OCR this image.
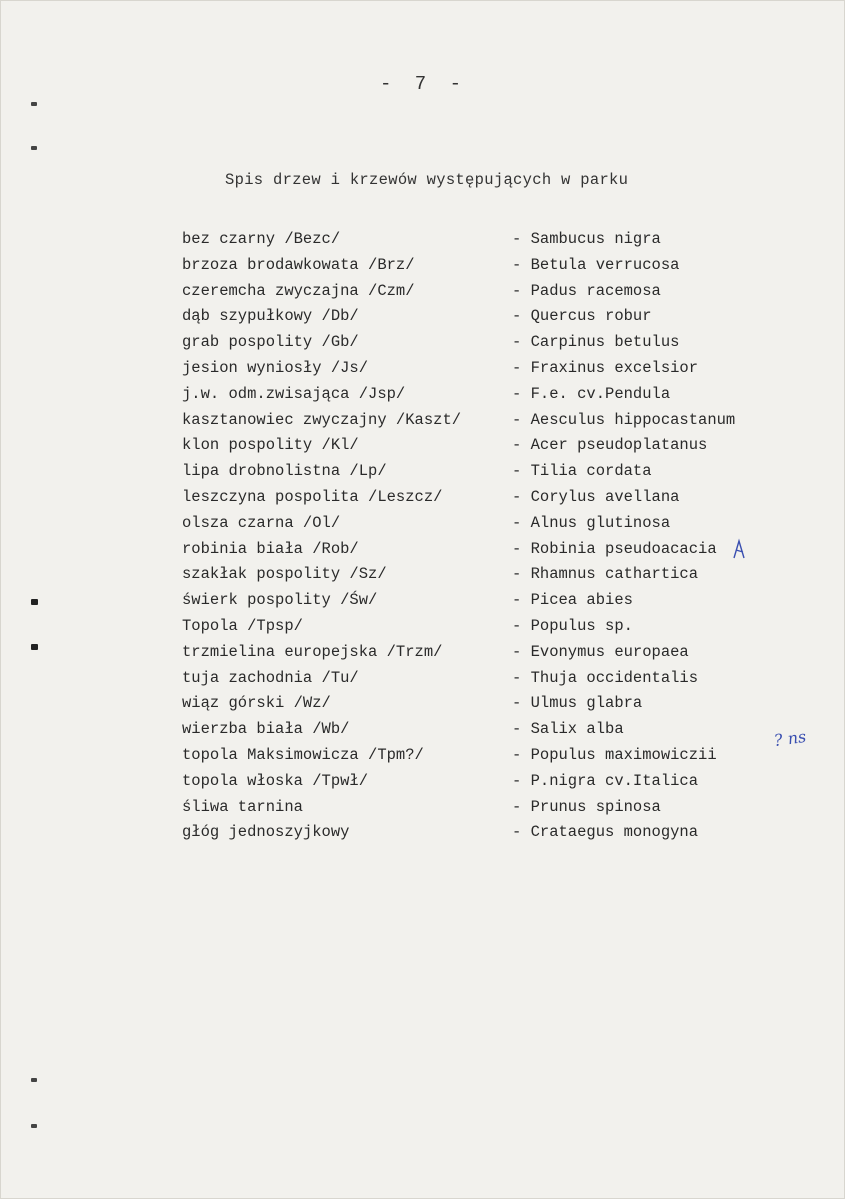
- 7 -
Spis drzew i krzewów występujących w parku
bez czarny /Bezc/	- Sambucus nigra
brzoza brodawkowata /Brz/	- Betula verrucosa
czeremcha zwyczajna /Czm/	- Padus racemosa
dąb szypułkowy /Db/	- Quercus robur
grab pospolity /Gb/	- Carpinus betulus
jesion wyniosły /Js/	- Fraxinus excelsior
j.w. odm.zwisająca /Jsp/	- F.e. cv.Pendula
kasztanowiec zwyczajny /Kaszt/	- Aesculus hippocastanum
klon pospolity /Kl/	- Acer pseudoplatanus
lipa drobnolistna /Lp/	- Tilia cordata
leszczyna pospolita /Leszcz/	- Corylus avellana
olsza czarna /Ol/	- Alnus glutinosa
robinia biała /Rob/	- Robinia pseudoacacia
szakłak pospolity /Sz/	- Rhamnus cathartica
świerk pospolity /Św/	- Picea abies
Topola /Tpsp/	- Populus sp.
trzmielina europejska /Trzm/	- Evonymus europaea
tuja zachodnia /Tu/	- Thuja occidentalis
wiąz górski /Wz/	- Ulmus glabra
wierzba biała /Wb/	- Salix alba
topola Maksimowicza /Tpm?/	- Populus maximowiczii
topola włoska /Tpwł/	- P.nigra cv.Italica
śliwa tarnina	- Prunus spinosa
głóg jednoszyjkowy	- Crataegus monogyna
? ns
